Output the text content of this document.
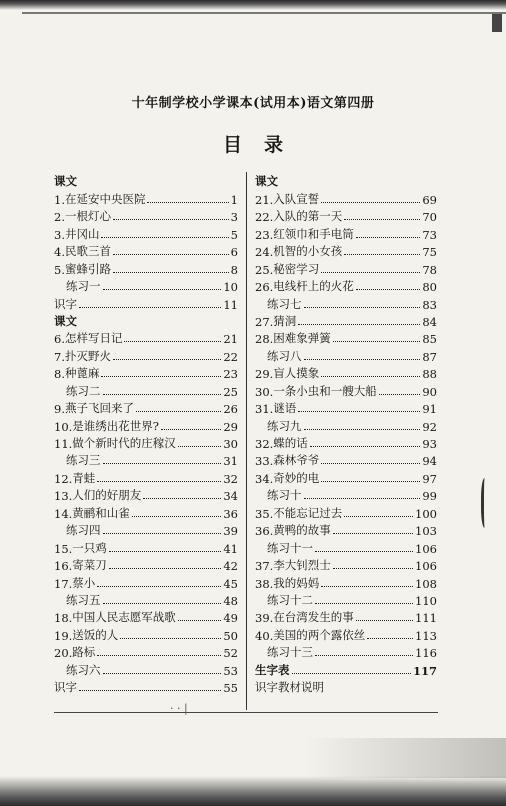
十年制学校小学课本(试用本)语文第四册
目录
课文
1. 在延安中央医院	1
2. 一根灯心	3
3. 井冈山	5
4. 民歌三首	6
5. 蜜蜂引路	8
练习一	10
识字	11
课文
6. 怎样写日记	21
7. 扑灭野火	22
8. 种蓖麻	23
练习二	25
9. 燕子飞回来了	26
10. 是谁绣出花世界?	29
11. 做个新时代的庄稼汉	30
练习三	31
12. 青蛙	32
13. 人们的好朋友	34
14. 黄鹂和山雀	36
练习四	39
15. 一只鸡	41
16. 寄菜刀	42
17. 蔡小	45
练习五	48
18. 中国人民志愿军战歌	49
19. 送饭的人	50
20. 路标	52
练习六	53
识字	55
课文
21. 入队宣誓	69
22. 入队的第一天	70
23. 红领巾和手电筒	73
24. 机智的小女孩	75
25. 秘密学习	78
26. 电线杆上的火花	80
练习七	83
27. 猜洞	84
28. 困难象弹簧	85
练习八	87
29. 盲人摸象	88
30. 一条小虫和一艘大船	90
31. 谜语	91
练习九	92
32. 蝶的话	93
33. 森林爷爷	94
34. 奇妙的电	97
练习十	99
35. 不能忘记过去	100
36. 黄鸭的故事	103
练习十一	106
37. 李大钊烈士	106
38. 我的妈妈	108
练习十二	110
39. 在台湾发生的事	111
40. 美国的两个露依丝	113
练习十三	116
生字表	117
识字教材说明
· · |
